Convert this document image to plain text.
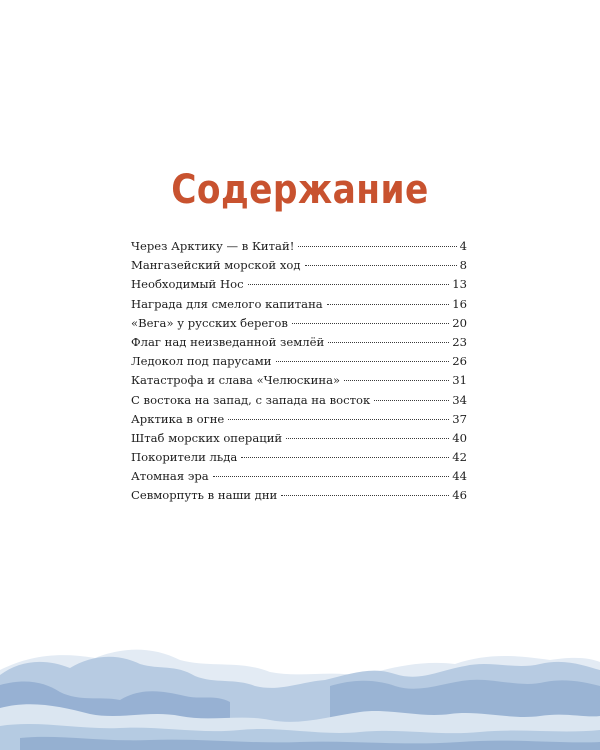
Содержание
Через Арктику — в Китай!	4
Мангазейский морской ход	8
Необходимый Нос	13
Награда для смелого капитана	16
«Вега» у русских берегов	20
Флаг над неизведанной землёй	23
Ледокол под парусами	26
Катастрофа и слава «Челюскина»	31
С востока на запад, с запада на восток	34
Арктика в огне	37
Штаб морских операций	40
Покорители льда	42
Атомная эра	44
Севморпуть в наши дни	46
